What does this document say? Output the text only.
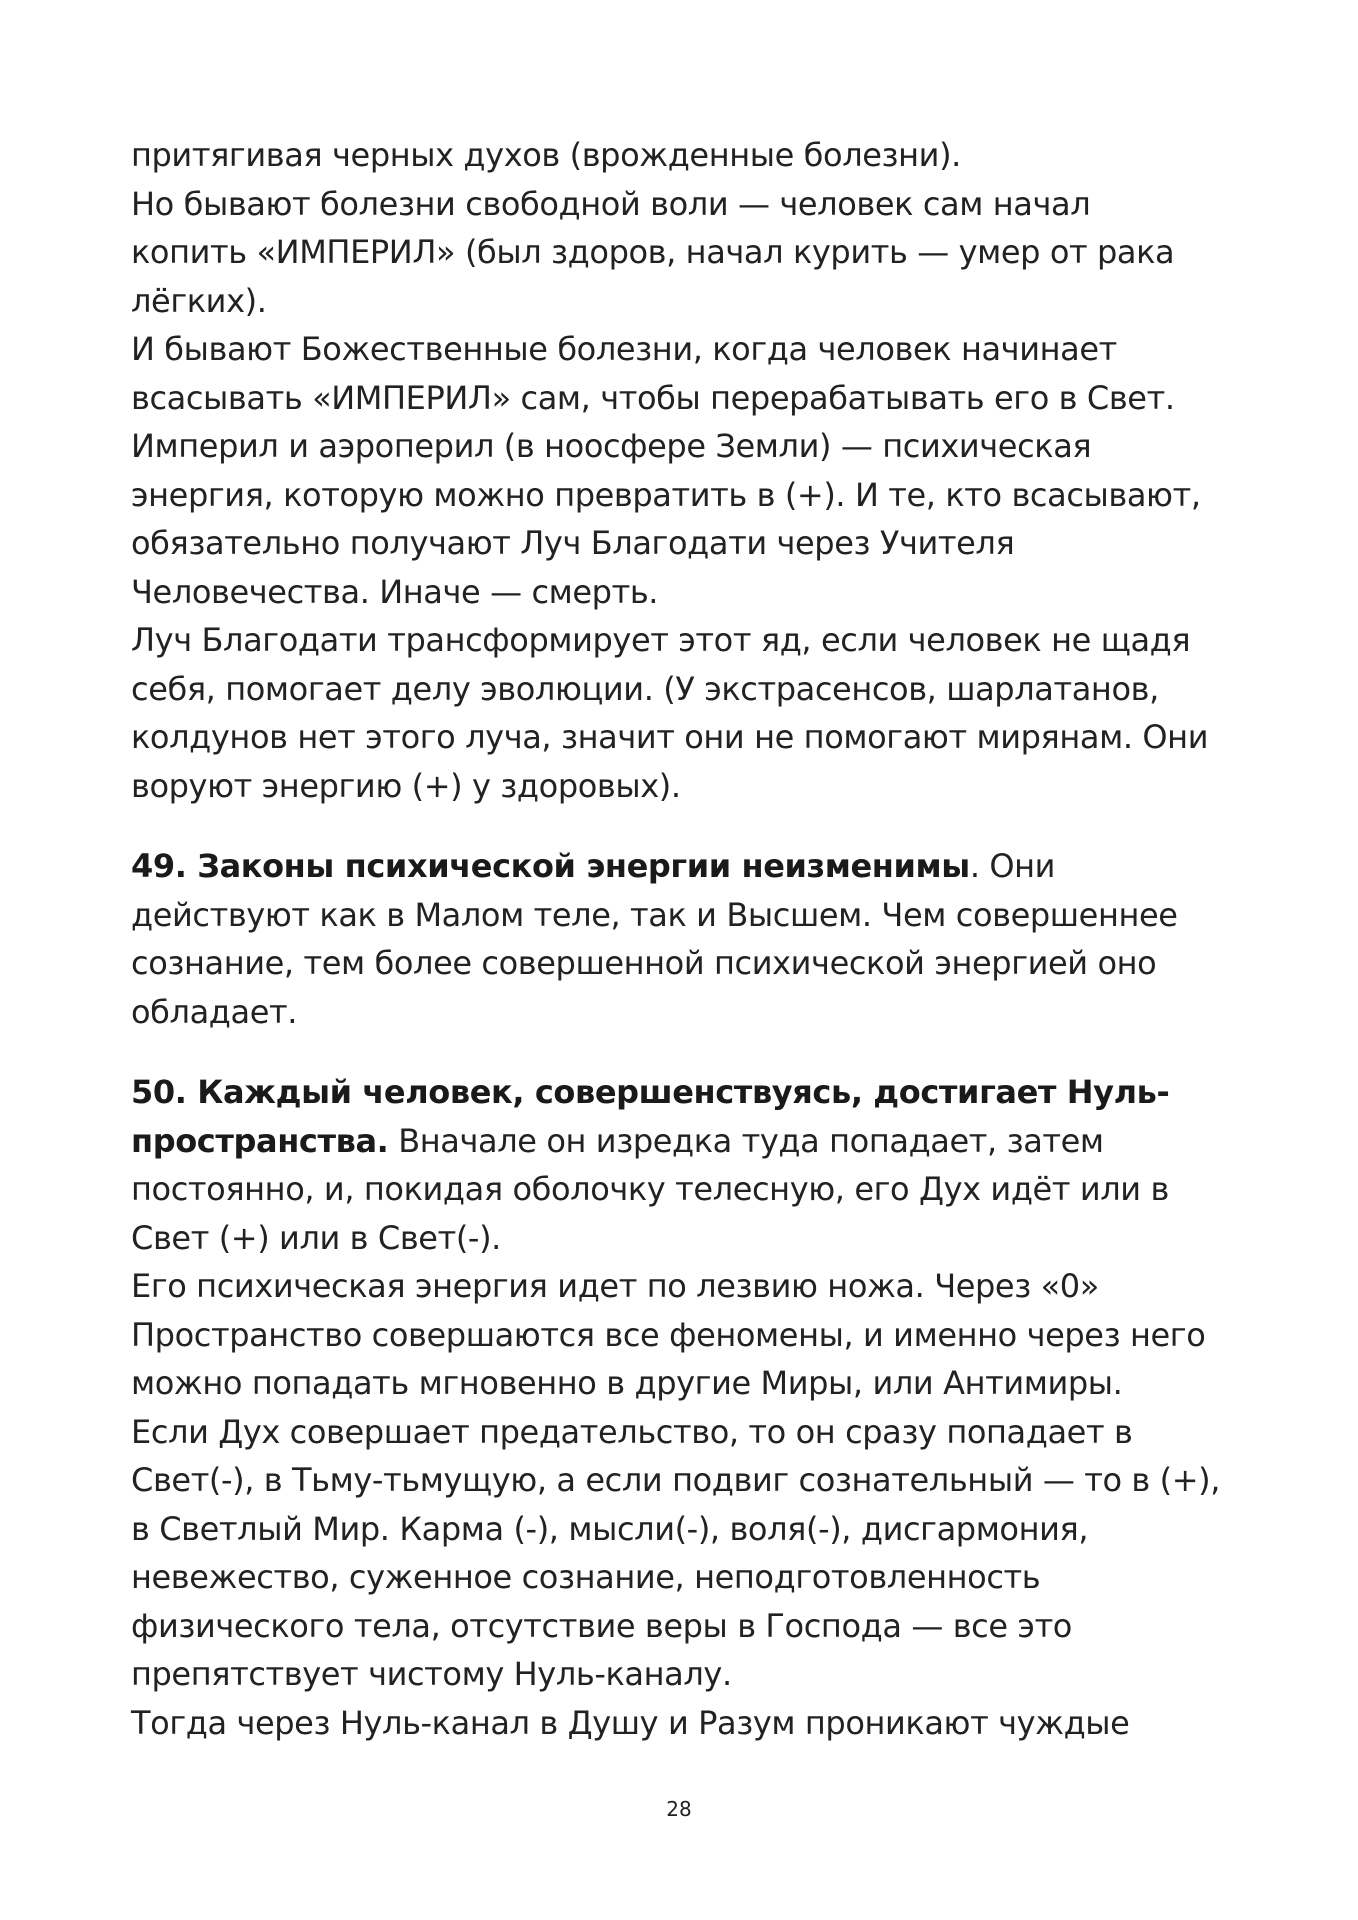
притягивая черных духов (врожденные болезни).
Но бывают болезни свободной воли — человек сам начал
копить «ИМПЕРИЛ» (был здоров, начал курить — умер от рака
лёгких).
И бывают Божественные болезни, когда человек начинает
всасывать «ИМПЕРИЛ» сам, чтобы перерабатывать его в Свет.
Империл и аэроперил (в ноосфере Земли) — психическая
энергия, которую можно превратить в (+). И те, кто всасывают,
обязательно получают Луч Благодати через Учителя
Человечества. Иначе — смерть.
Луч Благодати трансформирует этот яд, если человек не щадя
себя, помогает делу эволюции. (У экстрасенсов, шарлатанов,
колдунов нет этого луча, значит они не помогают мирянам. Они
воруют энергию (+) у здоровых).
49. Законы психической энергии неизменимы. Они
действуют как в Малом теле, так и Высшем. Чем совершеннее
сознание, тем более совершенной психической энергией оно
обладает.
50. Каждый человек, совершенствуясь, достигает Нуль-
пространства. Вначале он изредка туда попадает, затем
постоянно, и, покидая оболочку телесную, его Дух идёт или в
Свет (+) или в Свет(-).
Его психическая энергия идет по лезвию ножа. Через «0»
Пространство совершаются все феномены, и именно через него
можно попадать мгновенно в другие Миры, или Антимиры.
Если Дух совершает предательство, то он сразу попадает в
Свет(-), в Тьму-тьмущую, а если подвиг сознательный — то в (+),
в Светлый Мир. Карма (-), мысли(-), воля(-), дисгармония,
невежество, суженное сознание, неподготовленность
физического тела, отсутствие веры в Господа — все это
препятствует чистому Нуль-каналу.
Тогда через Нуль-канал в Душу и Разум проникают чуждые
28
